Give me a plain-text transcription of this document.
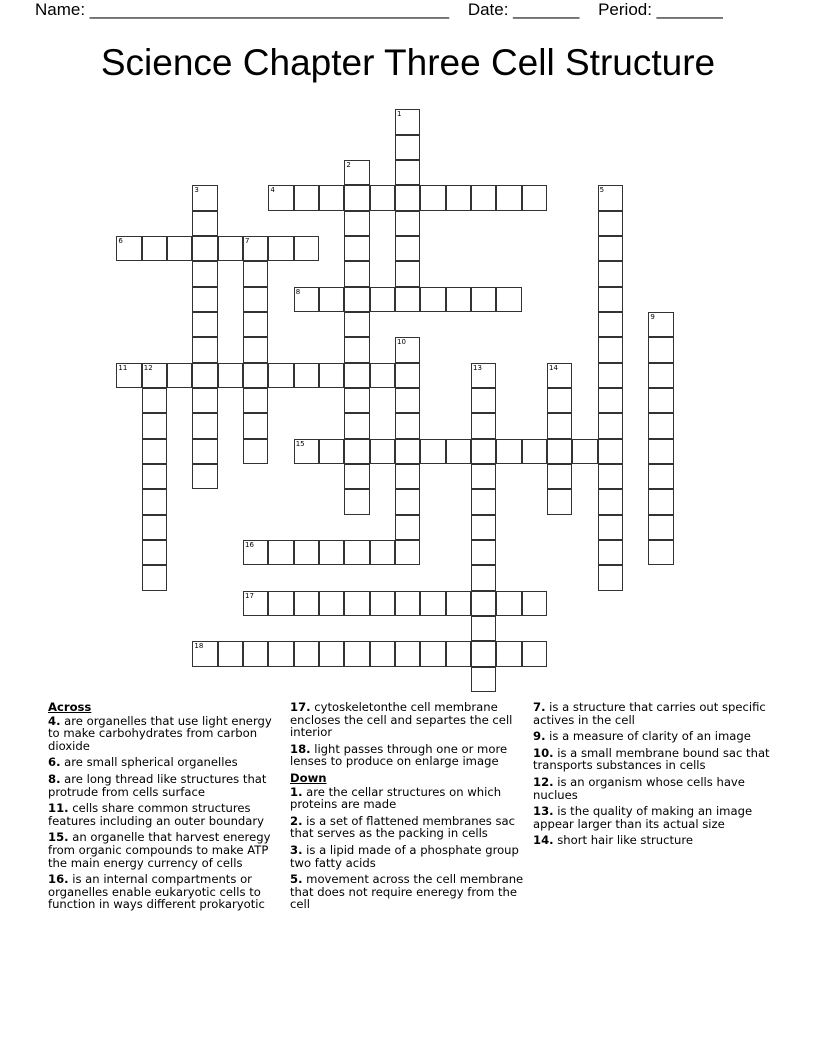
Name: ______________________________________ Date: _______ Period: _______
Science Chapter Three Cell Structure
4
6	7
8
11 12
15
16
17
18
1
2
3	5
9
10
13	14
Across
4. are organelles that use light energy to make carbohydrates from carbon dioxide
6. are small spherical organelles
8. are long thread like structures that protrude from cells surface
11. cells share common structures features including an outer boundary
15. an organelle that harvest eneregy from organic compounds to make ATP the main energy currency of cells
16. is an internal compartments or organelles enable eukaryotic cells to function in ways different prokaryotic
17. cytoskeletonthe cell membrane encloses the cell and separtes the cell interior
18. light passes through one or more lenses to produce on enlarge image
Down
1. are the cellar structures on which proteins are made
2. is a set of flattened membranes sac that serves as the packing in cells
3. is a lipid made of a phosphate group two fatty acids
5. movement across the cell membrane that does not require eneregy from the cell
7. is a structure that carries out specific actives in the cell
9. is a measure of clarity of an image
10. is a small membrane bound sac that transports substances in cells
12. is an organism whose cells have nuclues
13. is the quality of making an image appear larger than its actual size
14. short hair like structure
